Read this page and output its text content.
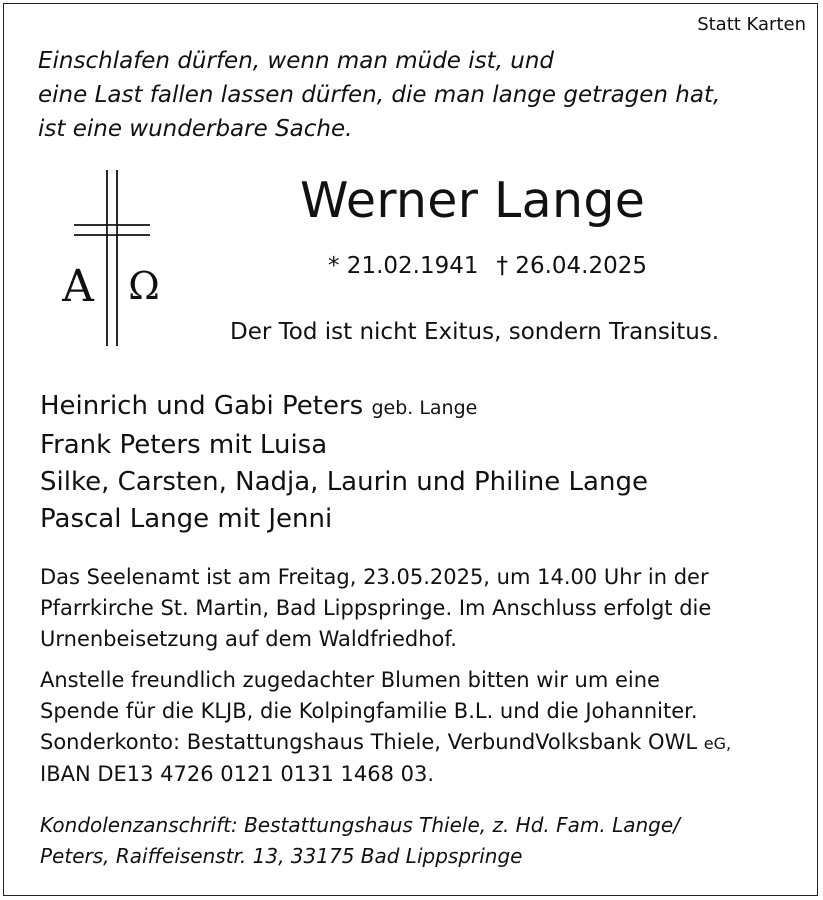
Statt Karten
Einschlafen dürfen, wenn man müde ist, und
eine Last fallen lassen dürfen, die man lange getragen hat,
ist eine wunderbare Sache.
A Ω
Werner Lange
* 21.02.1941 † 26.04.2025
Der Tod ist nicht Exitus, sondern Transitus.
Heinrich und Gabi Peters geb. Lange
Frank Peters mit Luisa
Silke, Carsten, Nadja, Laurin und Philine Lange
Pascal Lange mit Jenni
Das Seelenamt ist am Freitag, 23.05.2025, um 14.00 Uhr in der
Pfarrkirche St. Martin, Bad Lippspringe. Im Anschluss erfolgt die
Urnenbeisetzung auf dem Waldfriedhof.
Anstelle freundlich zugedachter Blumen bitten wir um eine
Spende für die KLJB, die Kolpingfamilie B.L. und die Johanniter.
Sonderkonto: Bestattungshaus Thiele, VerbundVolksbank OWL eG,
IBAN DE13 4726 0121 0131 1468 03.
Kondolenzanschrift: Bestattungshaus Thiele, z. Hd. Fam. Lange/
Peters, Raiffeisenstr. 13, 33175 Bad Lippspringe
